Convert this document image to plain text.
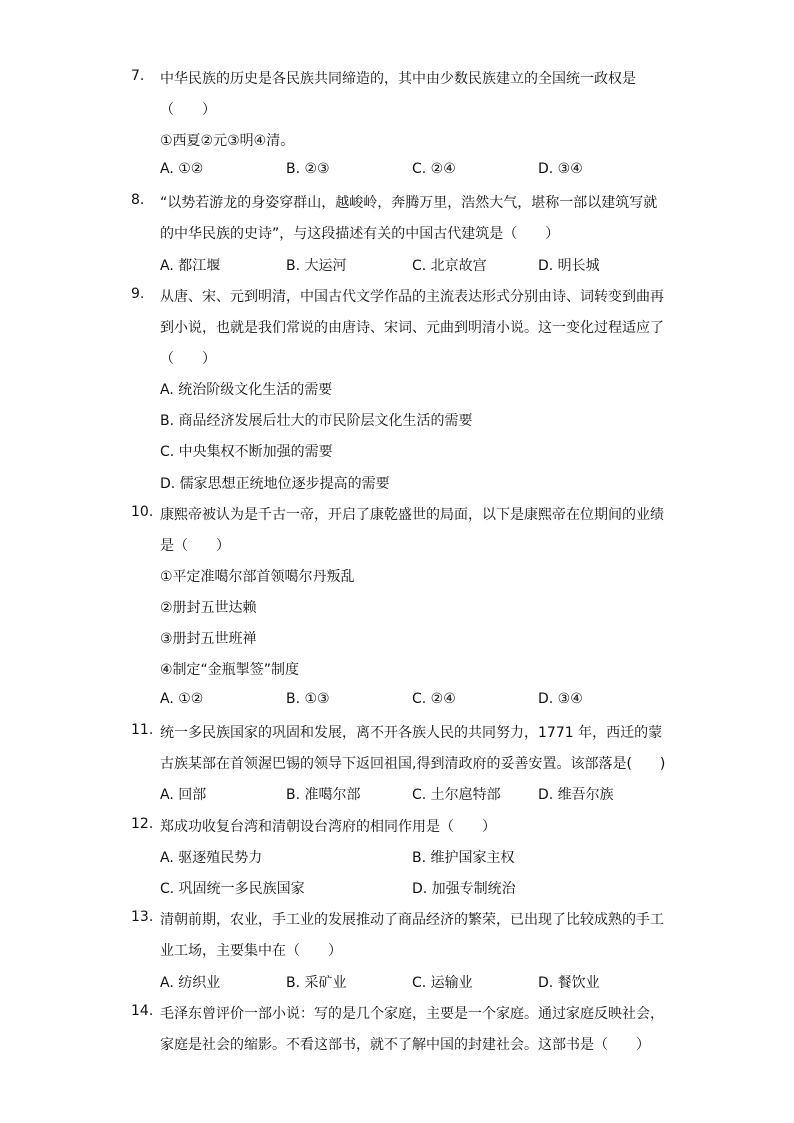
7. 中华民族的历史是各民族共同缔造的，其中由少数民族建立的全国统一政权是
（　　）
①西夏②元③明④清。
A. ①②	B. ②③	C. ②④	D. ③④
8. “以势若游龙的身姿穿群山，越峻岭，奔腾万里，浩然大气，堪称一部以建筑写就
的中华民族的史诗”，与这段描述有关的中国古代建筑是（　　）
A. 都江堰	B. 大运河	C. 北京故宫	D. 明长城
9. 从唐、宋、元到明清，中国古代文学作品的主流表达形式分别由诗、词转变到曲再
到小说，也就是我们常说的由唐诗、宋词、元曲到明清小说。这一变化过程适应了
（　　）
A. 统治阶级文化生活的需要
B. 商品经济发展后壮大的市民阶层文化生活的需要
C. 中央集权不断加强的需要
D. 儒家思想正统地位逐步提高的需要
10. 康熙帝被认为是千古一帝，开启了康乾盛世的局面，以下是康熙帝在位期间的业绩
是（　　）
①平定准噶尔部首领噶尔丹叛乱
②册封五世达赖
③册封五世班禅
④制定“金瓶掣签”制度
A. ①②	B. ①③	C. ②④	D. ③④
11. 统一多民族国家的巩固和发展，离不开各族人民的共同努力，1771 年，西迁的蒙
古族某部在首领渥巴锡的领导下返回祖国,得到清政府的妥善安置。该部落是(　　)
A. 回部	B. 准噶尔部	C. 土尔扈特部	D. 维吾尔族
12. 郑成功收复台湾和清朝设台湾府的相同作用是（　　）
A. 驱逐殖民势力	B. 维护国家主权
C. 巩固统一多民族国家	D. 加强专制统治
13. 清朝前期，农业，手工业的发展推动了商品经济的繁荣，已出现了比较成熟的手工
业工场，主要集中在（　　）
A. 纺织业	B. 采矿业	C. 运输业	D. 餐饮业
14. 毛泽东曾评价一部小说：写的是几个家庭，主要是一个家庭。通过家庭反映社会，
家庭是社会的缩影。不看这部书，就不了解中国的封建社会。这部书是（　　）
